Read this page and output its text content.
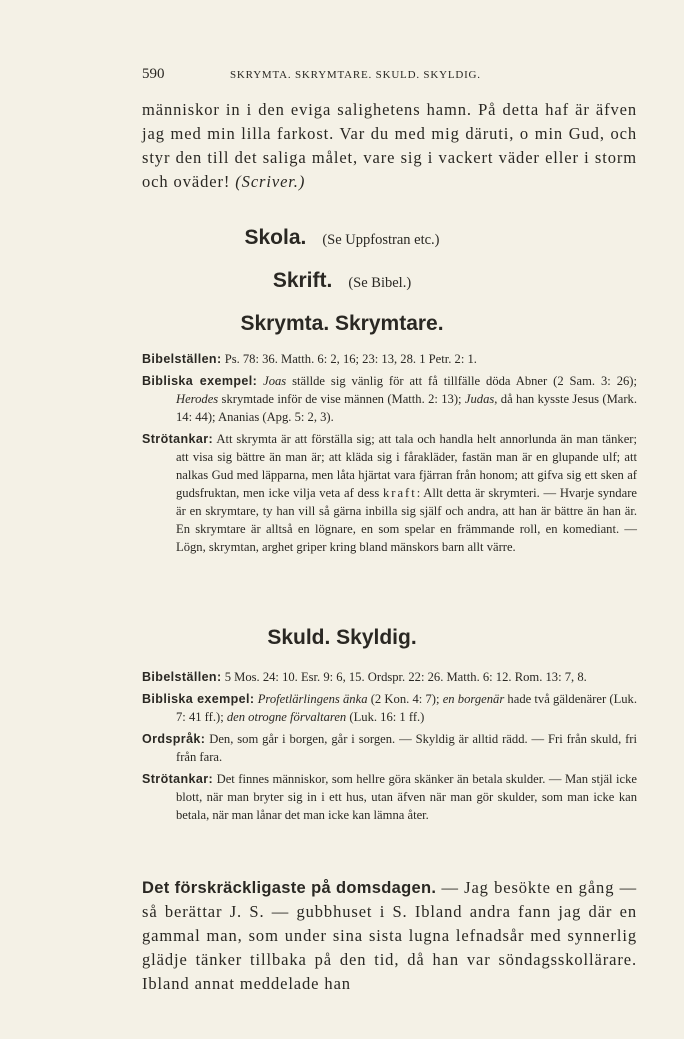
590	SKRYMTA. SKRYMTARE. SKULD. SKYLDIG.

människor in i den eviga salighetens hamn. På detta haf är äfven jag med min lilla farkost. Var du med mig däruti, o min Gud, och styr den till det saliga målet, vare sig i vackert väder eller i storm och oväder! (Scriver.)

Skola. (Se Uppfostran etc.)
Skrift. (Se Bibel.)
Skrymta. Skrymtare.

Bibelställen: Ps. 78: 36. Matth. 6: 2, 16; 23: 13, 28. 1 Petr. 2: 1.

Bibliska exempel: Joas ställde sig vänlig för att få tillfälle döda Abner (2 Sam. 3: 26); Herodes skrymtade inför de vise männen (Matth. 2: 13); Judas, då han kysste Jesus (Mark. 14: 44); Ananias (Apg. 5: 2, 3).

Strötankar: Att skrymta är att förställa sig; att tala och handla helt annorlunda än man tänker; att visa sig bättre än man är; att kläda sig i fårakläder, fastän man är en glupande ulf; att nalkas Gud med läpparna, men låta hjärtat vara fjärran från honom; att gifva sig ett sken af gudsfruktan, men icke vilja veta af dess kraft: Allt detta är skrymteri. — Hvarje syndare är en skrymtare, ty han vill så gärna inbilla sig själf och andra, att han är bättre än han är. En skrymtare är alltså en lögnare, en som spelar en främmande roll, en komediant. — Lögn, skrymtan, arghet griper kring bland mänskors barn allt värre.

Skuld. Skyldig.

Bibelställen: 5 Mos. 24: 10. Esr. 9: 6, 15. Ordspr. 22: 26. Matth. 6: 12. Rom. 13: 7, 8.

Bibliska exempel: Profetlärlingens änka (2 Kon. 4: 7); en borgenär hade två gäldenärer (Luk. 7: 41 ff.); den otrogne förvaltaren (Luk. 16: 1 ff.)

Ordspråk: Den, som går i borgen, går i sorgen. — Skyldig är alltid rädd. — Fri från skuld, fri från fara.

Strötankar: Det finnes människor, som hellre göra skänker än betala skulder. — Man stjäl icke blott, när man bryter sig in i ett hus, utan äfven när man gör skulder, som man icke kan betala, när man lånar det man icke kan lämna åter.

Det förskräckligaste på domsdagen. — Jag besökte en gång — så berättar J. S. — gubbhuset i S. Ibland andra fann jag där en gammal man, som under sina sista lugna lefnadsår med synnerlig glädje tänker tillbaka på den tid, då han var söndagsskollärare. Ibland annat meddelade han
